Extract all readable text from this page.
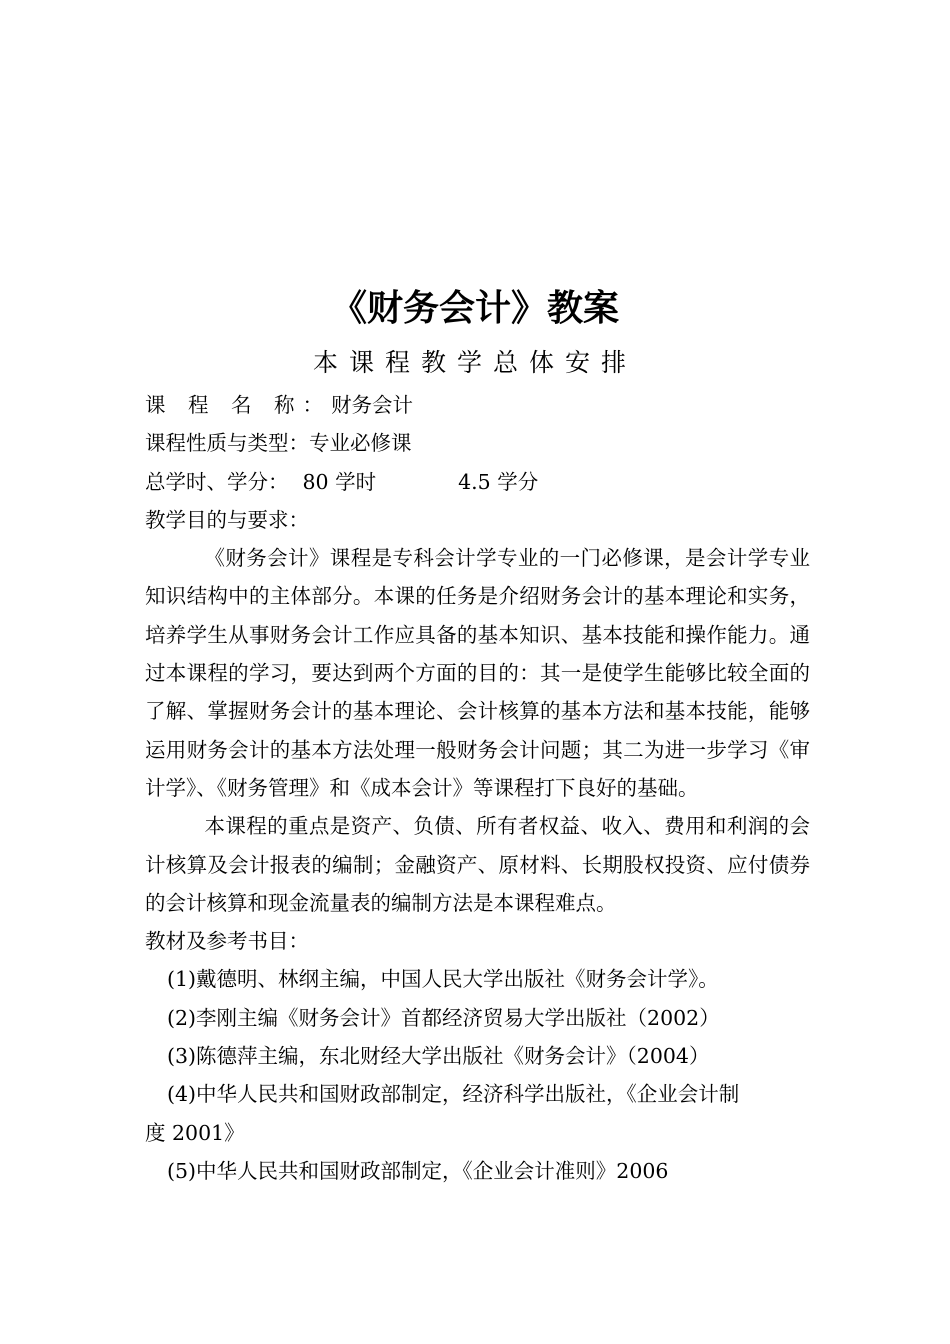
《财务会计》教案
本课程教学总体安排
课 程 名 称：财务会计
课程性质与类型：专业必修课
总学时、学分： 80 学时	4.5 学分
教学目的与要求：

《财务会计》课程是专科会计学专业的一门必修课，是会计学专业知识结构中的主体部分。本课的任务是介绍财务会计的基本理论和实务，培养学生从事财务会计工作应具备的基本知识、基本技能和操作能力。通过本课程的学习，要达到两个方面的目的：其一是使学生能够比较全面的了解、掌握财务会计的基本理论、会计核算的基本方法和基本技能，能够运用财务会计的基本方法处理一般财务会计问题；其二为进一步学习《审计学》、《财务管理》和《成本会计》等课程打下良好的基础。

本课程的重点是资产、负债、所有者权益、收入、费用和利润的会计核算及会计报表的编制；金融资产、原材料、长期股权投资、应付债券的会计核算和现金流量表的编制方法是本课程难点。

教材及参考书目：
(1)戴德明、林纲主编，中国人民大学出版社《财务会计学》。
(2)李刚主编《财务会计》首都经济贸易大学出版社（2002）
(3)陈德萍主编，东北财经大学出版社《财务会计》（2004）
(4)中华人民共和国财政部制定，经济科学出版社，《企业会计制
度 2001》
(5)中华人民共和国财政部制定，《企业会计准则》2006
